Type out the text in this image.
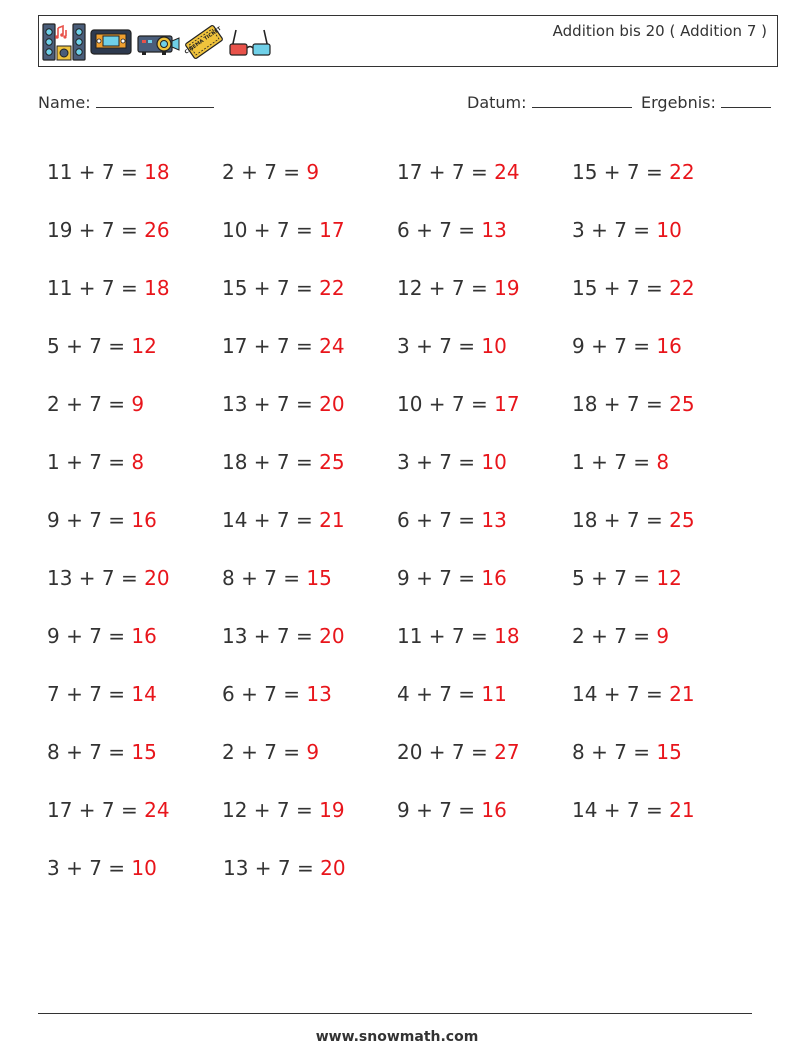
CINEMA TICKET	Addition bis 20 ( Addition 7 )
Name:	Datum:	Ergebnis:
11 + 7 = 18	2 + 7 = 9	17 + 7 = 24	15 + 7 = 22
19 + 7 = 26	10 + 7 = 17	6 + 7 = 13	3 + 7 = 10
11 + 7 = 18	15 + 7 = 22	12 + 7 = 19	15 + 7 = 22
5 + 7 = 12	17 + 7 = 24	3 + 7 = 10	9 + 7 = 16
2 + 7 = 9	13 + 7 = 20	10 + 7 = 17	18 + 7 = 25
1 + 7 = 8	18 + 7 = 25	3 + 7 = 10	1 + 7 = 8
9 + 7 = 16	14 + 7 = 21	6 + 7 = 13	18 + 7 = 25
13 + 7 = 20	8 + 7 = 15	9 + 7 = 16	5 + 7 = 12
9 + 7 = 16	13 + 7 = 20	11 + 7 = 18	2 + 7 = 9
7 + 7 = 14	6 + 7 = 13	4 + 7 = 11	14 + 7 = 21
8 + 7 = 15	2 + 7 = 9	20 + 7 = 27	8 + 7 = 15
17 + 7 = 24	12 + 7 = 19	9 + 7 = 16	14 + 7 = 21
3 + 7 = 10	13 + 7 = 20
www.snowmath.com
